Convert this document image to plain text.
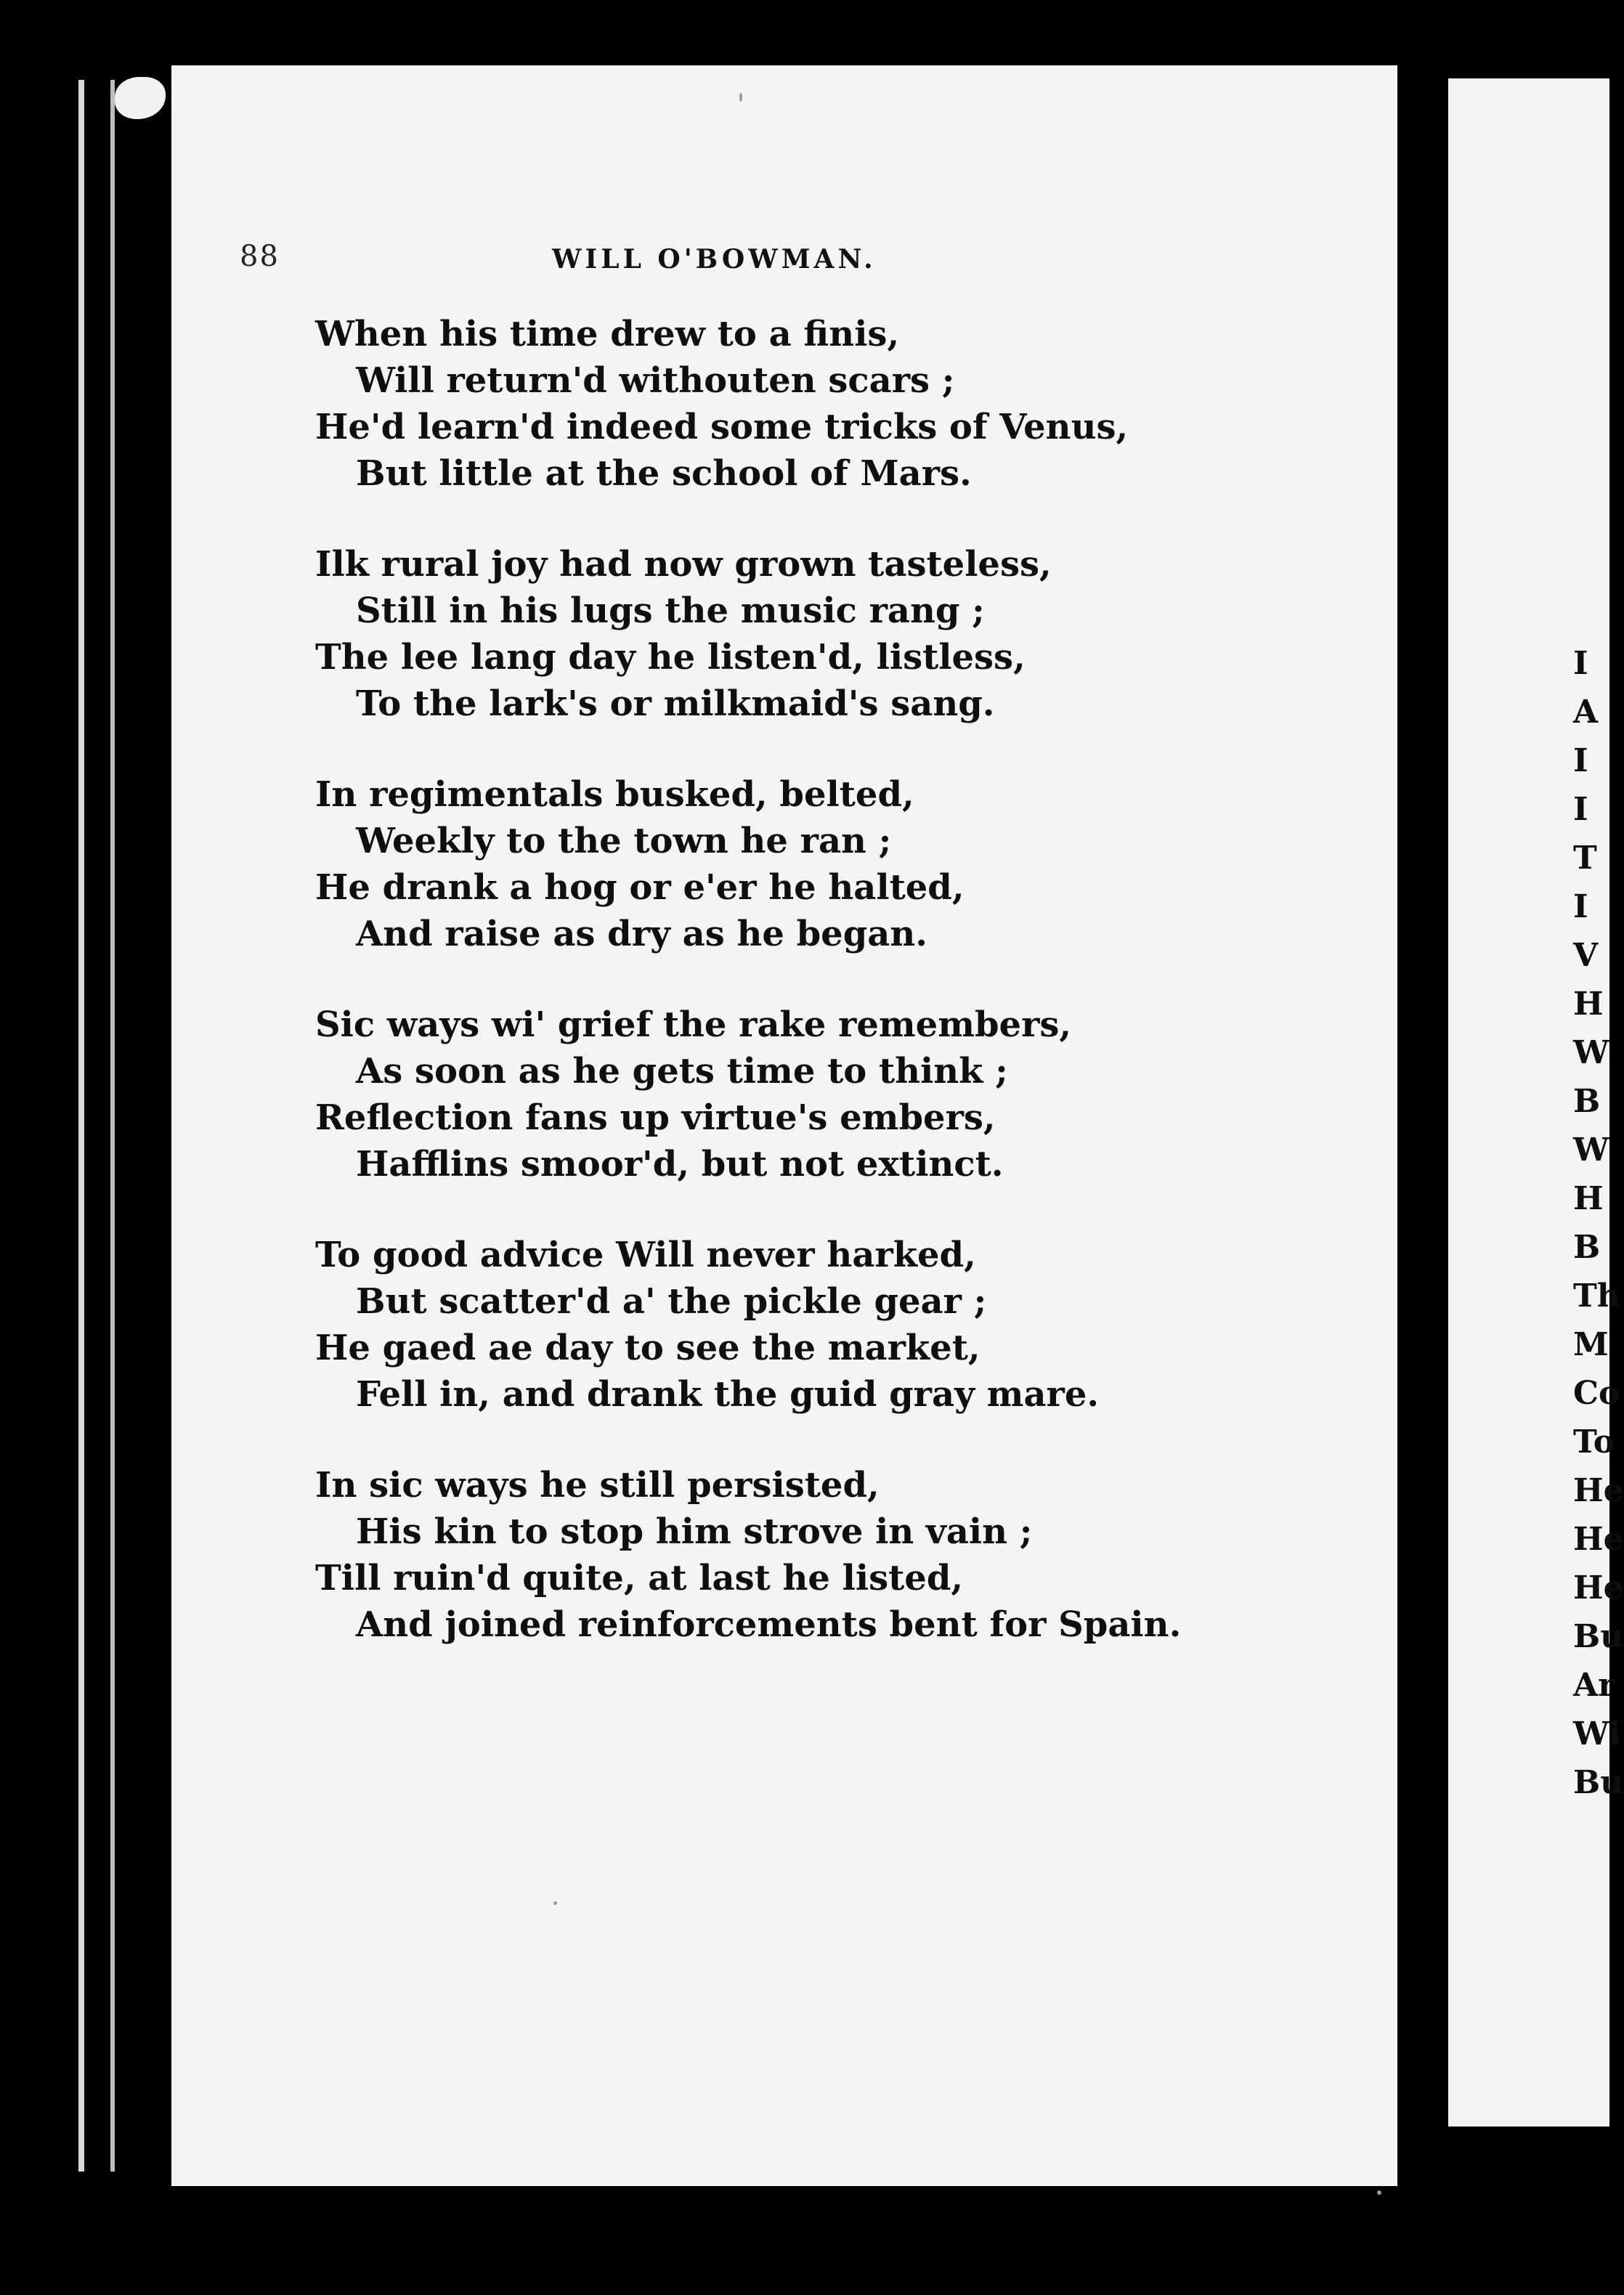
88	WILL O'BOWMAN.
When his time drew to a finis,
Will return'd withouten scars ;
He'd learn'd indeed some tricks of Venus,
But little at the school of Mars.
Ilk rural joy had now grown tasteless,
Still in his lugs the music rang ;
The lee lang day he listen'd, listless,
To the lark's or milkmaid's sang.
In regimentals busked, belted,
Weekly to the town he ran ;
He drank a hog or e'er he halted,
And raise as dry as he began.
Sic ways wi' grief the rake remembers,
As soon as he gets time to think ;
Reflection fans up virtue's embers,
Hafflins smoor'd, but not extinct.
To good advice Will never harked,
But scatter'd a' the pickle gear ;
He gaed ae day to see the market,
Fell in, and drank the guid gray mare.
In sic ways he still persisted,
His kin to stop him strove in vain ;
Till ruin'd quite, at last he listed,
And joined reinforcements bent for Spain.
I
A
I
I
T
I
V
H
W
B
W
H
B
Th
M
Co
To
He
He
He
Bu
Ar
Wi
Bu
